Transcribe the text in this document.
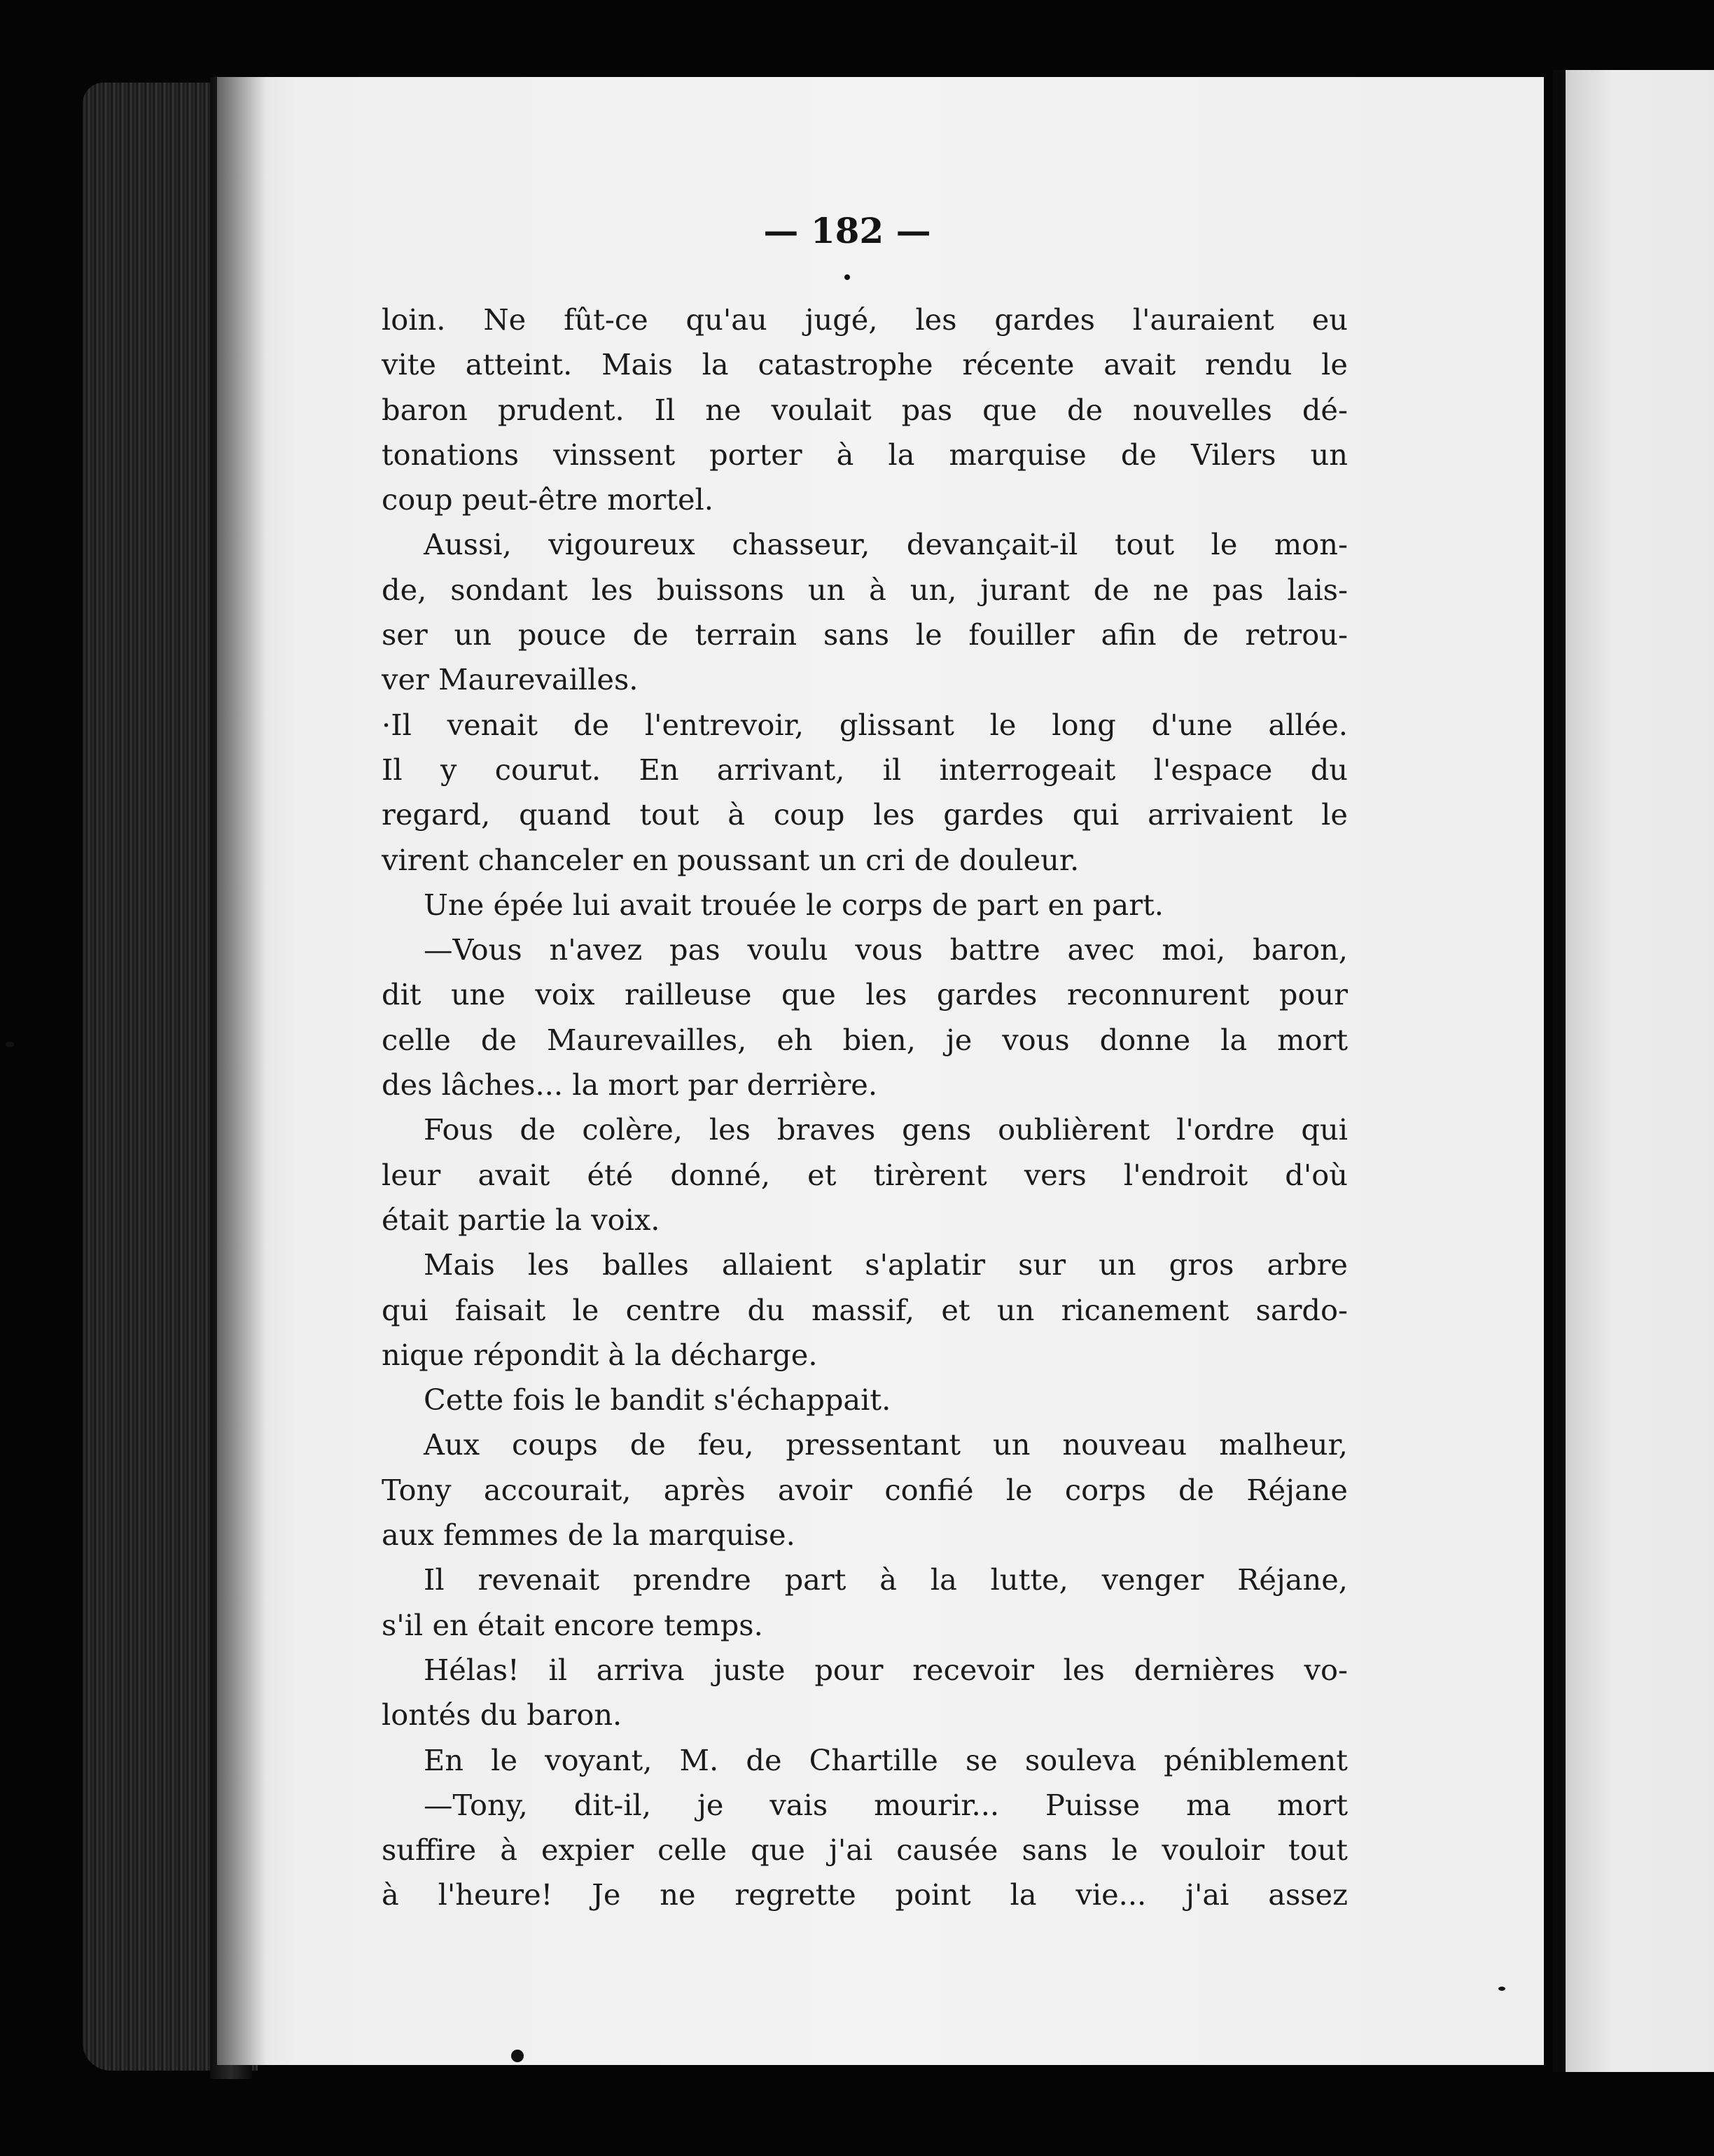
— 182 —
loin. Ne fût-ce qu'au jugé, les gardes l'auraient eu
vite atteint. Mais la catastrophe récente avait rendu le
baron prudent. Il ne voulait pas que de nouvelles dé-
tonations vinssent porter à la marquise de Vilers un
coup peut-être mortel.
Aussi, vigoureux chasseur, devançait-il tout le mon-
de, sondant les buissons un à un, jurant de ne pas lais-
ser un pouce de terrain sans le fouiller afin de retrou-
ver Maurevailles.
·Il venait de l'entrevoir, glissant le long d'une allée.
Il y courut. En arrivant, il interrogeait l'espace du
regard, quand tout à coup les gardes qui arrivaient le
virent chanceler en poussant un cri de douleur.
Une épée lui avait trouée le corps de part en part.
—Vous n'avez pas voulu vous battre avec moi, baron,
dit une voix railleuse que les gardes reconnurent pour
celle de Maurevailles, eh bien, je vous donne la mort
des lâches... la mort par derrière.
Fous de colère, les braves gens oublièrent l'ordre qui
leur avait été donné, et tirèrent vers l'endroit d'où
était partie la voix.
Mais les balles allaient s'aplatir sur un gros arbre
qui faisait le centre du massif, et un ricanement sardo-
nique répondit à la décharge.
Cette fois le bandit s'échappait.
Aux coups de feu, pressentant un nouveau malheur,
Tony accourait, après avoir confié le corps de Réjane
aux femmes de la marquise.
Il revenait prendre part à la lutte, venger Réjane,
s'il en était encore temps.
Hélas! il arriva juste pour recevoir les dernières vo-
lontés du baron.
En le voyant, M. de Chartille se souleva péniblement
—Tony, dit-il, je vais mourir... Puisse ma mort
suffire à expier celle que j'ai causée sans le vouloir tout
à l'heure! Je ne regrette point la vie... j'ai assez
